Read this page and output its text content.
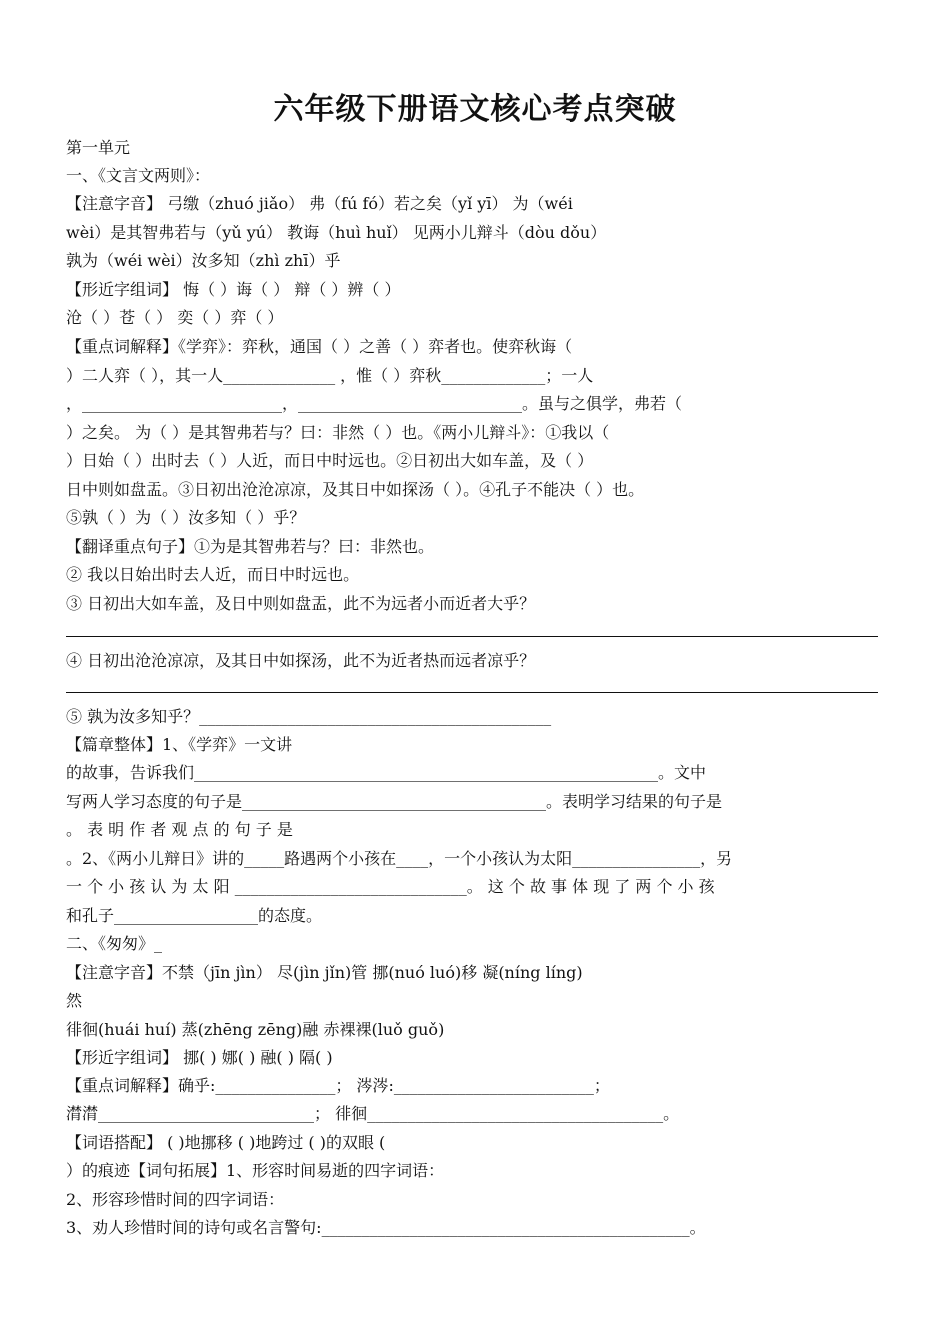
六年级下册语文核心考点突破
第一单元
一、《文言文两则》：
【注意字音】 弓缴（zhuó jiǎo） 弗（fú fó）若之矣（yǐ yī） 为（wéi
wèi）是其智弗若与（yǔ yú） 教诲（huì huǐ） 见两小儿辩斗（dòu dǒu）
孰为（wéi wèi）汝多知（zhì zhī）乎
【形近字组词】 悔（ ）诲（ ） 辩（ ）辨（ ）
沧（ ）苍（ ） 奕（ ）弈（ ）
【重点词解释】《学弈》：弈秋，通国（ ）之善（ ）弈者也。使弈秋诲（
）二人弈（ ），其一人______________ ，惟（ ）弈秋_____________；一人
，_________________________，____________________________。虽与之俱学，弗若（
）之矣。 为（ ）是其智弗若与？曰：非然（ ）也。《两小儿辩斗》：①我以（
）日始（ ）出时去（ ）人近，而日中时远也。②日初出大如车盖，及（ ）
日中则如盘盂。③日初出沧沧凉凉，及其日中如探汤（ ）。④孔子不能决（ ）也。
⑤孰（ ）为（ ）汝多知（ ）乎？
【翻译重点句子】①为是其智弗若与？曰：非然也。
② 我以日始出时去人近，而日中时远也。
③ 日初出大如车盖，及日中则如盘盂，此不为远者小而近者大乎？
④ 日初出沧沧凉凉，及其日中如探汤，此不为近者热而远者凉乎？
⑤ 孰为汝多知乎？____________________________________________
【篇章整体】1、《学弈》一文讲
的故事，告诉我们__________________________________________________________。文中
写两人学习态度的句子是______________________________________。表明学习结果的句子是
。 表 明 作 者 观 点 的 句 子 是
。2、《两小儿辩日》讲的_____路遇两个小孩在____，一个小孩认为太阳________________，另
一 个 小 孩 认 为 太 阳 _____________________________。 这 个 故 事 体 现 了 两 个 小 孩
和孔子__________________的态度。
二、《匆匆》_
【注意字音】不禁（jīn jìn） 尽(jìn jǐn)管 挪(nuó luó)移 凝(níng líng)
然
徘徊(huái huí) 蒸(zhēng zēng)融 赤裸裸(luǒ guǒ)
【形近字组词】 挪( ) 娜( ) 融( ) 隔( )
【重点词解释】确乎:_______________； 涔涔:_________________________；
潸潸___________________________； 徘徊_____________________________________。
【词语搭配】 ( )地挪移 ( )地跨过 ( )的双眼 (
）的痕迹【词句拓展】1、形容时间易逝的四字词语：
2、形容珍惜时间的四字词语：
3、劝人珍惜时间的诗句或名言警句:______________________________________________。
